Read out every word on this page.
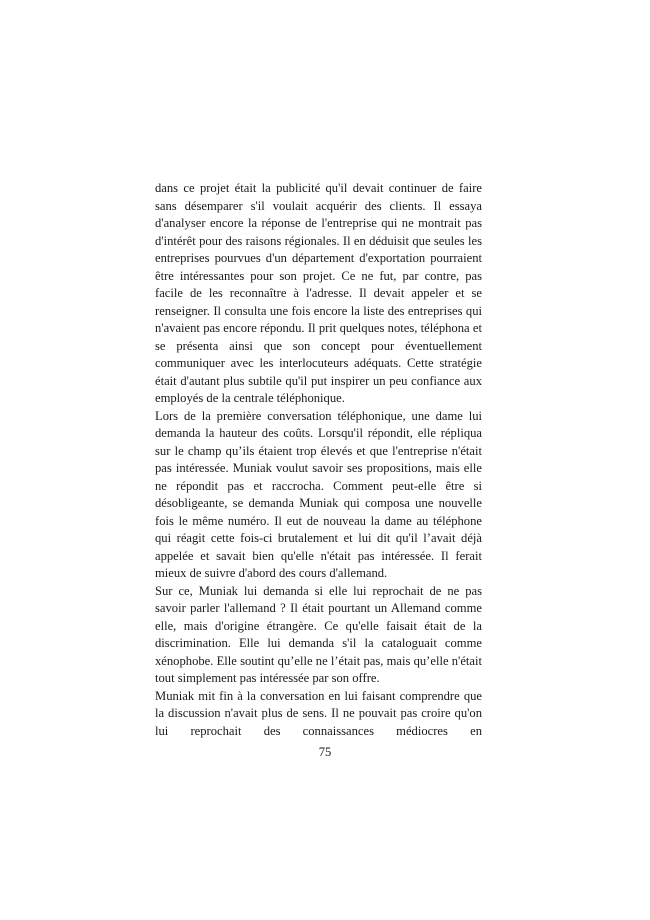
dans ce projet était la publicité qu'il devait continuer de faire sans désemparer s'il voulait acquérir des clients. Il essaya d'analyser encore la réponse de l'entreprise qui ne montrait pas d'intérêt pour des raisons régionales. Il en déduisit que seules les entreprises pourvues d'un département d'exportation pourraient être intéressantes pour son projet. Ce ne fut, par contre, pas facile de les reconnaître à l'adresse. Il devait appeler et se renseigner. Il consulta une fois encore la liste des entreprises qui n'avaient pas encore répondu. Il prit quelques notes, téléphona et se présenta ainsi que son concept pour éventuellement communiquer avec les interlocuteurs adéquats. Cette stratégie était d'autant plus subtile qu'il put inspirer un peu confiance aux employés de la centrale téléphonique.

Lors de la première conversation téléphonique, une dame lui demanda la hauteur des coûts. Lorsqu'il répondit, elle répliqua sur le champ qu’ils étaient trop élevés et que l'entreprise n'était pas intéressée. Muniak voulut savoir ses propositions, mais elle ne répondit pas et raccrocha. Comment peut-elle être si désobligeante, se demanda Muniak qui composa une nouvelle fois le même numéro. Il eut de nouveau la dame au téléphone qui réagit cette fois-ci brutalement et lui dit qu'il l’avait déjà appelée et savait bien qu'elle n'était pas intéressée. Il ferait mieux de suivre d'abord des cours d'allemand.

Sur ce, Muniak lui demanda si elle lui reprochait de ne pas savoir parler l'allemand ? Il était pourtant un Allemand comme elle, mais d'origine étrangère. Ce qu'elle faisait était de la discrimination. Elle lui demanda s'il la cataloguait comme xénophobe. Elle soutint qu’elle ne l’était pas, mais qu’elle n'était tout simplement pas intéressée par son offre.

Muniak mit fin à la conversation en lui faisant comprendre que la discussion n'avait plus de sens. Il ne pouvait pas croire qu'on lui reprochait des connaissances médiocres en

75
